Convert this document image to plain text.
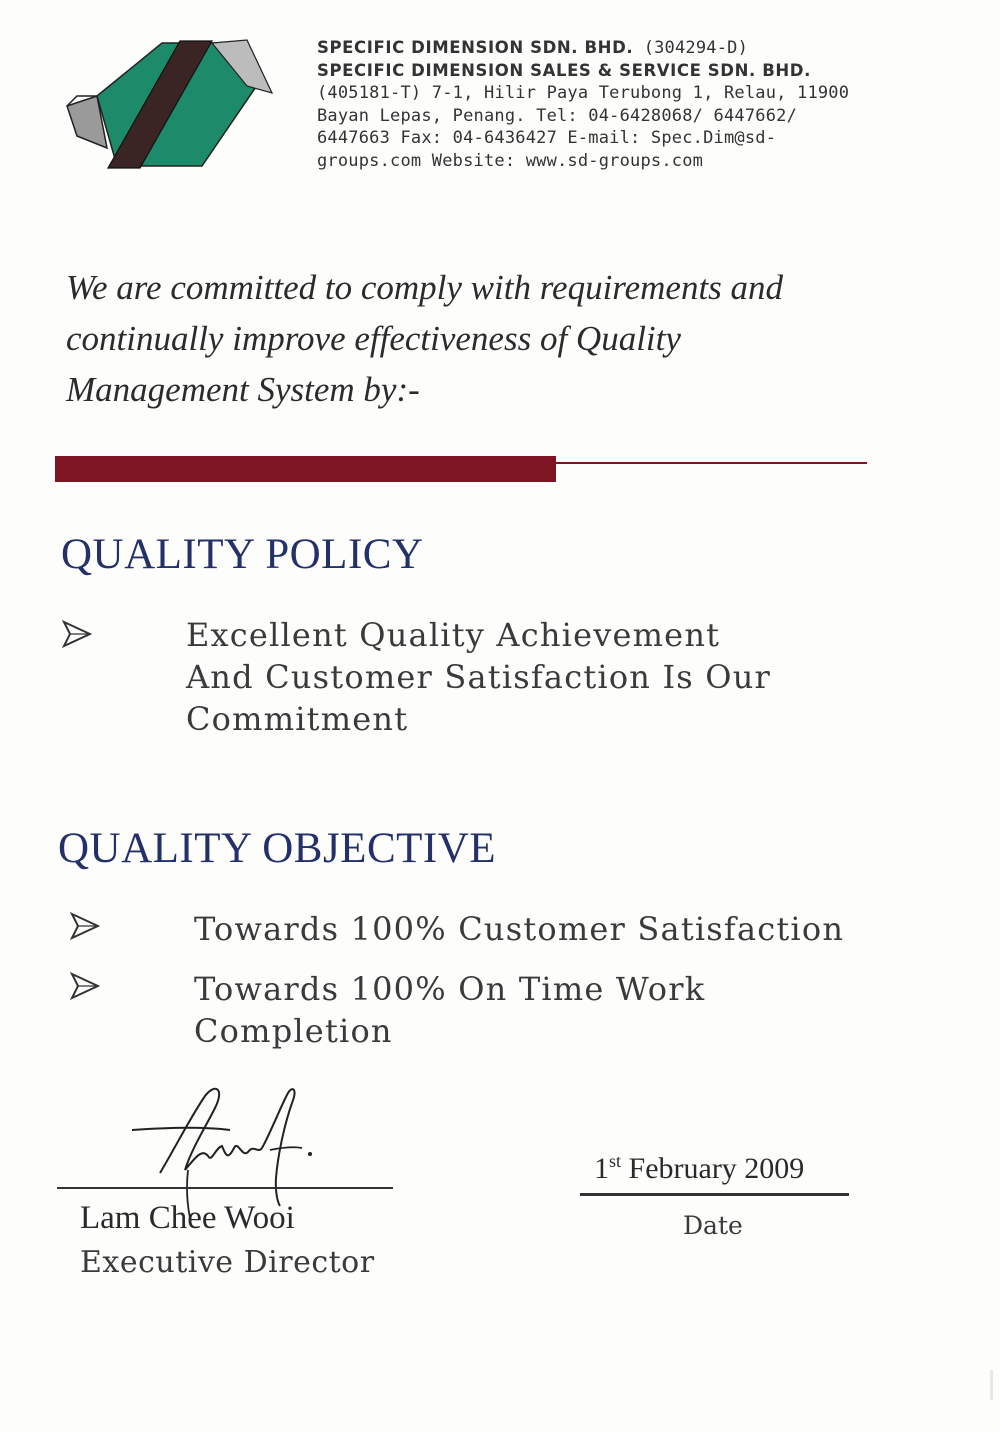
SPECIFIC DIMENSION SDN. BHD. (304294-D)

SPECIFIC DIMENSION SALES & SERVICE SDN. BHD.

(405181-T) 7-1, Hilir Paya Terubong 1, Relau, 11900

Bayan Lepas, Penang. Tel: 04-6428068/ 6447662/

6447663 Fax: 04-6436427 E-mail: Spec.Dim@sd-

groups.com Website: www.sd-groups.com

We are committed to comply with requirements and
continually improve effectiveness of Quality
Management System by:-
QUALITY POLICY
Excellent Quality Achievement
And Customer Satisfaction Is Our
Commitment
QUALITY OBJECTIVE
Towards 100% Customer Satisfaction
Towards 100% On Time Work
Completion
Lam Chee Wooi
Executive Director
1st February 2009
Date
